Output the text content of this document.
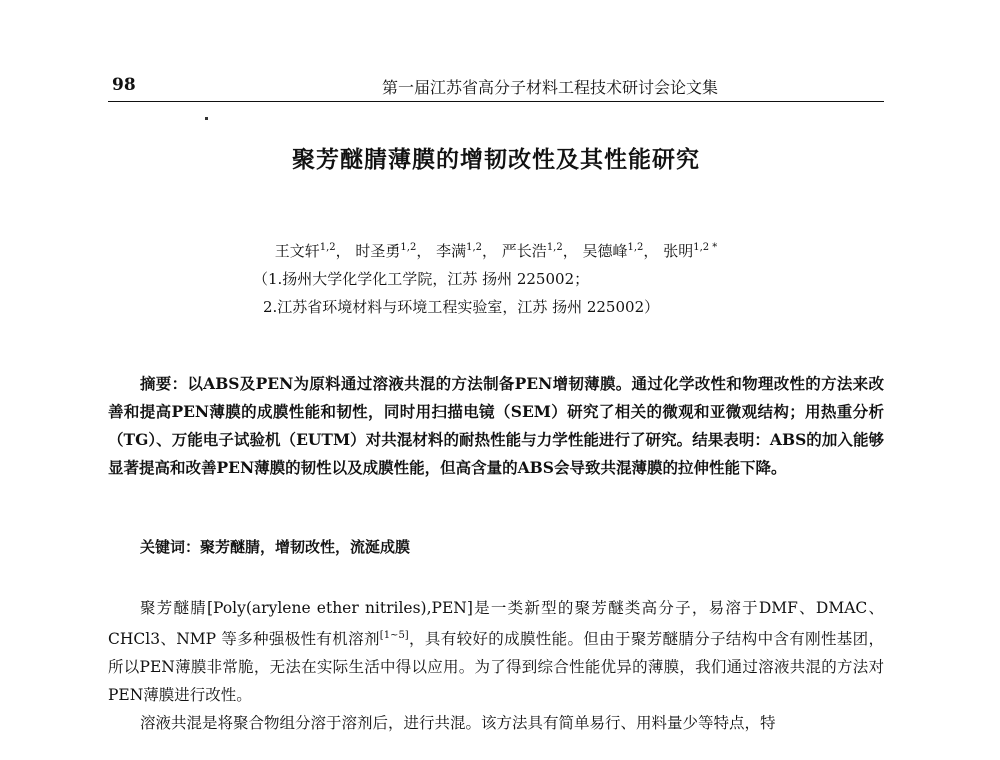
98	第一届江苏省高分子材料工程技术研讨会论文集
聚芳醚腈薄膜的增韧改性及其性能研究
王文轩$^{1,2}$， 时圣勇$^{1,2}$， 李满$^{1,2}$， 严长浩$^{1,2}$， 吴德峰$^{1,2}$， 张明$^{1,2 *}$
（1.扬州大学化学化工学院，江苏 扬州 225002；
2.江苏省环境材料与环境工程实验室，江苏 扬州 225002）
摘要：以ABS及PEN为原料通过溶液共混的方法制备PEN增韧薄膜。通过化学改性和物理改性的方法来改善和提高PEN薄膜的成膜性能和韧性，同时用扫描电镜（SEM）研究了相关的微观和亚微观结构；用热重分析（TG）、万能电子试验机（EUTM）对共混材料的耐热性能与力学性能进行了研究。结果表明：ABS的加入能够显著提高和改善PEN薄膜的韧性以及成膜性能，但高含量的ABS会导致共混薄膜的拉伸性能下降。
关键词：聚芳醚腈，增韧改性，流涎成膜

聚芳醚腈[Poly(arylene ether nitriles),PEN]是一类新型的聚芳醚类高分子，易溶于DMF、DMAC、CHCl3、NMP 等多种强极性有机溶剂[1~5]，具有较好的成膜性能。但由于聚芳醚腈分子结构中含有刚性基团，所以PEN薄膜非常脆，无法在实际生活中得以应用。为了得到综合性能优异的薄膜，我们通过溶液共混的方法对PEN薄膜进行改性。

溶液共混是将聚合物组分溶于溶剂后，进行共混。该方法具有简单易行、用料量少等特点，特
